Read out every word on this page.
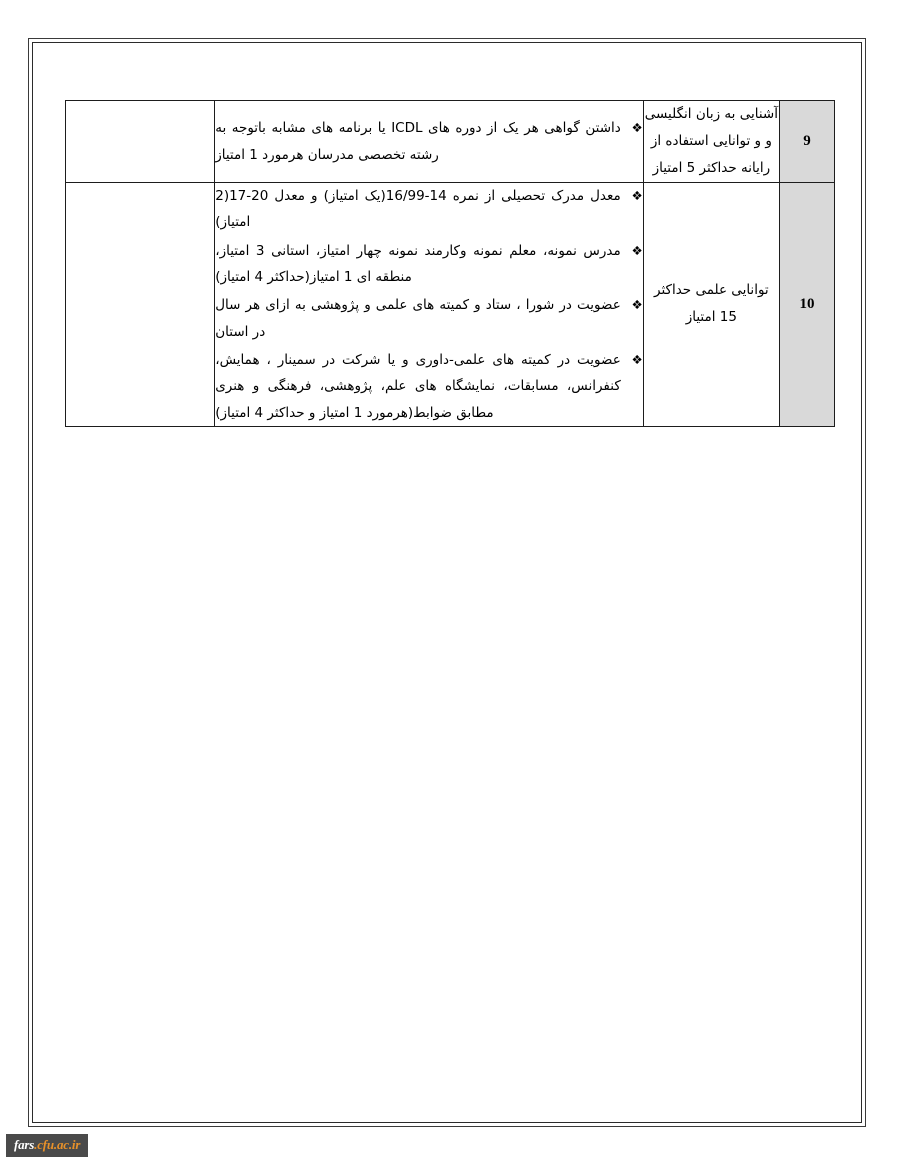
9	آشنایی به زبان انگلیسی و و توانایی استفاده از رایانه حداکثر 5 امتیاز	
❖
داشتن گواهی هر یک از دوره های ICDL یا برنامه های مشابه باتوجه به رشته تخصصی مدرسان هرمورد 1 امتیاز

10	توانایی علمی حداکثر 15 امتیاز	
❖
معدل مدرک تحصیلی از نمره 14-16/99(یک امتیاز) و معدل 20-17(2 امتیاز)
❖
مدرس نمونه، معلم نمونه وکارمند نمونه چهار امتیاز، استانی 3 امتیاز، منطقه ای 1 امتیاز(حداکثر 4 امتیاز)
❖
عضویت در شورا ، ستاد و کمیته های علمی و پژوهشی به ازای هر سال در استان
❖
عضویت در کمیته های علمی-داوری و یا شرکت در سمینار ، همایش، کنفرانس، مسابقات، نمایشگاه های علم، پژوهشی، فرهنگی و هنری مطابق ضوابط(هرمورد 1 امتیاز و حداکثر 4 امتیاز)

fars.cfu.ac.ir
